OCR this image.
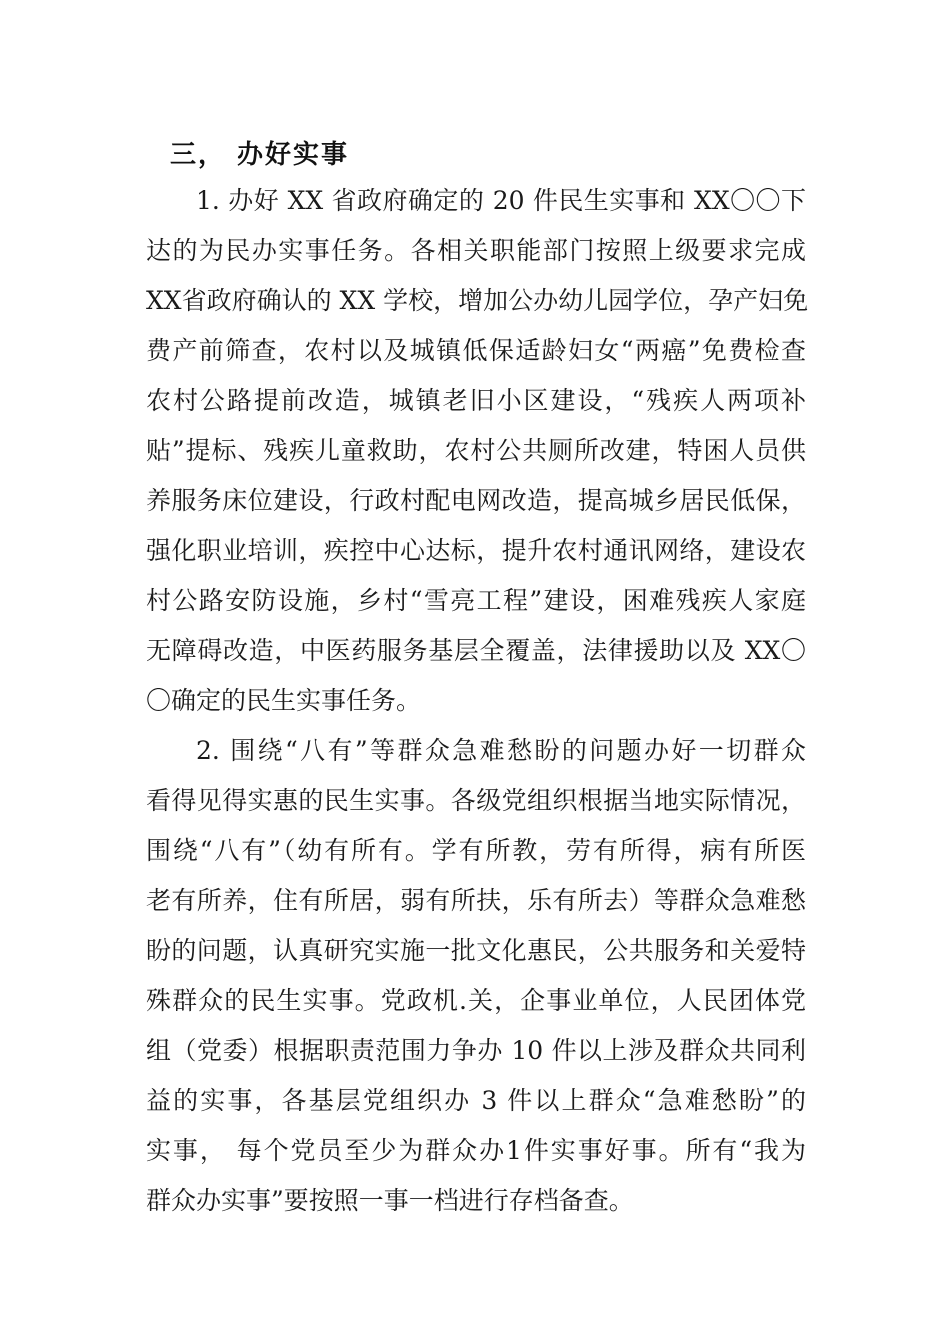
三， 办好实事
1. 办好 XX 省政府确定的 20 件民生实事和 XX〇〇下
达的为民办实事任务。各相关职能部门按照上级要求完成
XX省政府确认的 XX 学校，增加公办幼儿园学位，孕产妇免
费产前筛查，农村以及城镇低保适龄妇女“两癌”免费检查
农村公路提前改造，城镇老旧小区建设，“残疾人两项补
贴”提标、残疾儿童救助，农村公共厕所改建，特困人员供
养服务床位建设，行政村配电网改造，提高城乡居民低保，
强化职业培训，疾控中心达标，提升农村通讯网络，建设农
村公路安防设施，乡村“雪亮工程”建设，困难残疾人家庭
无障碍改造，中医药服务基层全覆盖，法律援助以及 XX〇
〇确定的民生实事任务。
2. 围绕“八有”等群众急难愁盼的问题办好一切群众
看得见得实惠的民生实事。各级党组织根据当地实际情况，
围绕“八有”（幼有所有。学有所教，劳有所得，病有所医
老有所养，住有所居，弱有所扶，乐有所去）等群众急难愁
盼的问题，认真研究实施一批文化惠民，公共服务和关爱特
殊群众的民生实事。党政机.关，企事业单位，人民团体党
组（党委）根据职责范围力争办 10 件以上涉及群众共同利
益的实事，各基层党组织办 3 件以上群众“急难愁盼”的
实事， 每个党员至少为群众办1件实事好事。所有“我为
群众办实事”要按照一事一档进行存档备查。
